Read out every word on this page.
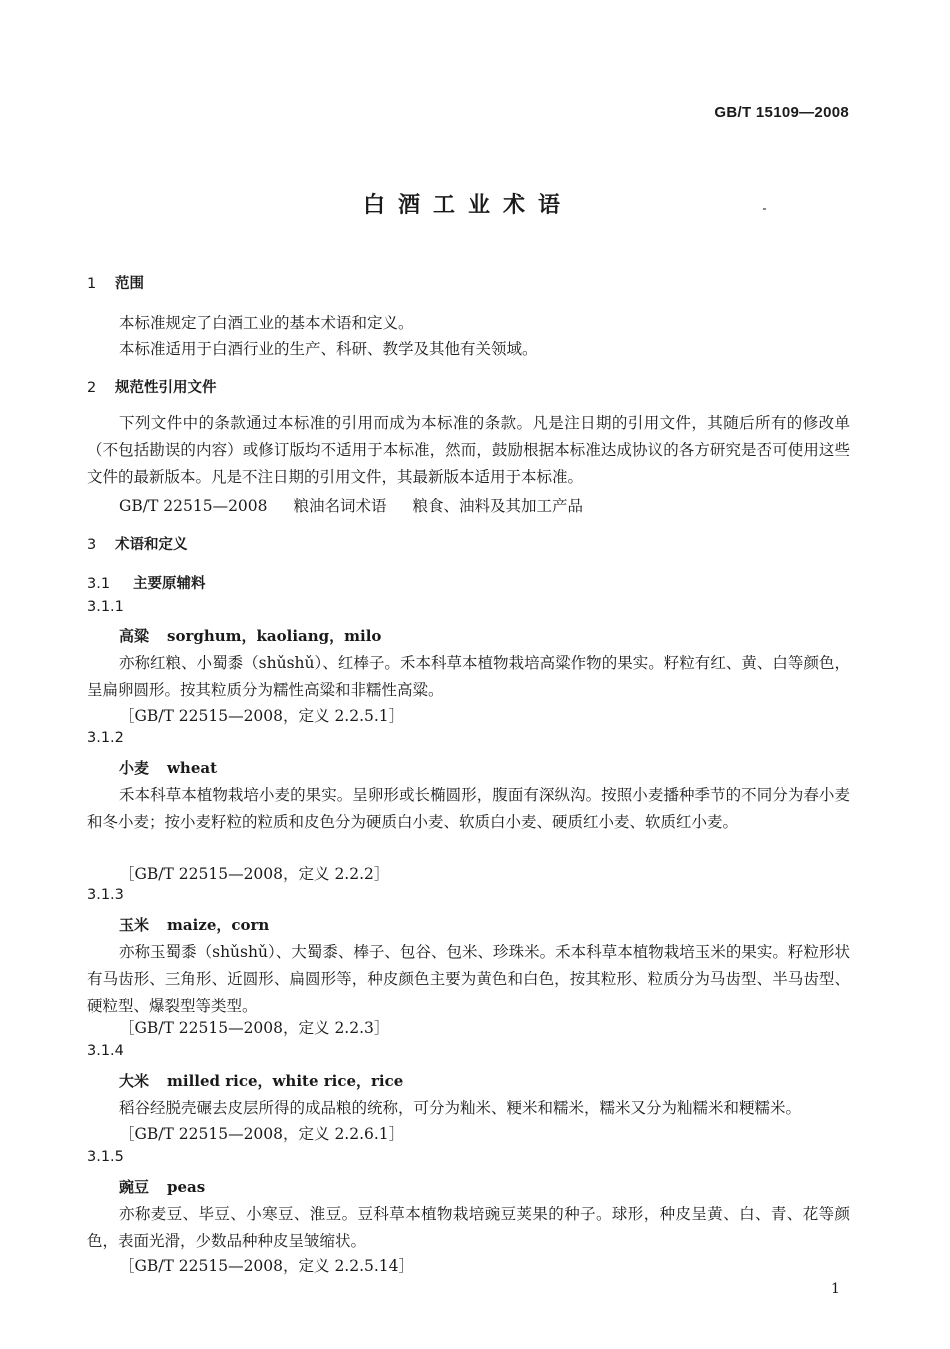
GB/T 15109—2008
白酒工业术语
1 范围
本标准规定了白酒工业的基本术语和定义。
本标准适用于白酒行业的生产、科研、教学及其他有关领域。
2 规范性引用文件
下列文件中的条款通过本标准的引用而成为本标准的条款。凡是注日期的引用文件，其随后所有的修改单（不包括勘误的内容）或修订版均不适用于本标准，然而，鼓励根据本标准达成协议的各方研究是否可使用这些文件的最新版本。凡是不注日期的引用文件，其最新版本适用于本标准。
GB/T 22515—2008 粮油名词术语 粮食、油料及其加工产品
3 术语和定义
3.1 主要原辅料
3.1.1
高粱 sorghum，kaoliang，milo
亦称红粮、小蜀黍（shǔshǔ）、红棒子。禾本科草本植物栽培高粱作物的果实。籽粒有红、黄、白等颜色，呈扁卵圆形。按其粒质分为糯性高粱和非糯性高粱。
［GB/T 22515—2008，定义 2.2.5.1］
3.1.2
小麦 wheat
禾本科草本植物栽培小麦的果实。呈卵形或长椭圆形，腹面有深纵沟。按照小麦播种季节的不同分为春小麦和冬小麦；按小麦籽粒的粒质和皮色分为硬质白小麦、软质白小麦、硬质红小麦、软质红小麦。
［GB/T 22515—2008，定义 2.2.2］
3.1.3
玉米 maize，corn
亦称玉蜀黍（shǔshǔ）、大蜀黍、棒子、包谷、包米、珍珠米。禾本科草本植物栽培玉米的果实。籽粒形状有马齿形、三角形、近圆形、扁圆形等，种皮颜色主要为黄色和白色，按其粒形、粒质分为马齿型、半马齿型、硬粒型、爆裂型等类型。
［GB/T 22515—2008，定义 2.2.3］
3.1.4
大米 milled rice，white rice，rice
稻谷经脱壳碾去皮层所得的成品粮的统称，可分为籼米、粳米和糯米，糯米又分为籼糯米和粳糯米。
［GB/T 22515—2008，定义 2.2.6.1］
3.1.5
豌豆 peas
亦称麦豆、毕豆、小寒豆、淮豆。豆科草本植物栽培豌豆荚果的种子。球形，种皮呈黄、白、青、花等颜色，表面光滑，少数品种种皮呈皱缩状。
［GB/T 22515—2008，定义 2.2.5.14］
1
